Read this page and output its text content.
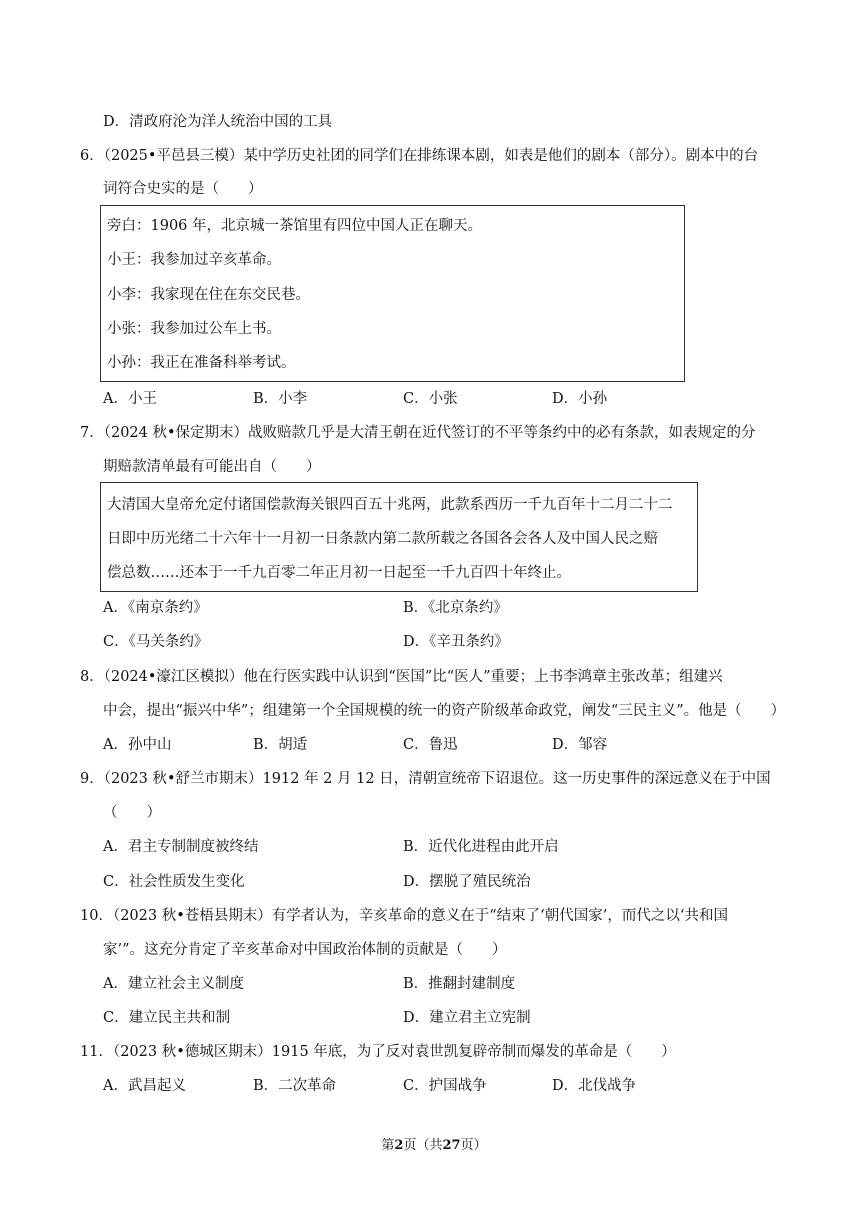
D．清政府沦为洋人统治中国的工具
6．（2025•平邑县三模）某中学历史社团的同学们在排练课本剧，如表是他们的剧本（部分）。剧本中的台
词符合史实的是（　　）
旁白：1906 年，北京城一茶馆里有四位中国人正在聊天。
小王：我参加过辛亥革命。
小李：我家现在住在东交民巷。
小张：我参加过公车上书。
小孙：我正在准备科举考试。
A．小王	B．小李	C．小张	D．小孙
7．（2024 秋•保定期末）战败赔款几乎是大清王朝在近代签订的不平等条约中的必有条款，如表规定的分
期赔款清单最有可能出自（　　）
大清国大皇帝允定付诸国偿款海关银四百五十兆两，此款系西历一千九百年十二月二十二
日即中历光绪二十六年十一月初一日条款内第二款所载之各国各会各人及中国人民之赔
偿总数……还本于一千九百零二年正月初一日起至一千九百四十年终止。
A．《南京条约》	B．《北京条约》
C．《马关条约》	D．《辛丑条约》
8．（2024•濠江区模拟）他在行医实践中认识到“医国”比“医人”重要；上书李鸿章主张改革；组建兴
中会，提出“振兴中华”；组建第一个全国规模的统一的资产阶级革命政党，阐发“三民主义”。他是（　　）
A．孙中山	B．胡适	C．鲁迅	D．邹容
9．（2023 秋•舒兰市期末）1912 年 2 月 12 日，清朝宣统帝下诏退位。这一历史事件的深远意义在于中国
（　　）
A．君主专制制度被终结	B．近代化进程由此开启
C．社会性质发生变化	D．摆脱了殖民统治
10．（2023 秋•苍梧县期末）有学者认为，辛亥革命的意义在于“结束了‘朝代国家’，而代之以‘共和国
家’”。这充分肯定了辛亥革命对中国政治体制的贡献是（　　）
A．建立社会主义制度	B．推翻封建制度
C．建立民主共和制	D．建立君主立宪制
11．（2023 秋•德城区期末）1915 年底，为了反对袁世凯复辟帝制而爆发的革命是（　　）
A．武昌起义	B．二次革命	C．护国战争	D．北伐战争
第2页（共27页）
